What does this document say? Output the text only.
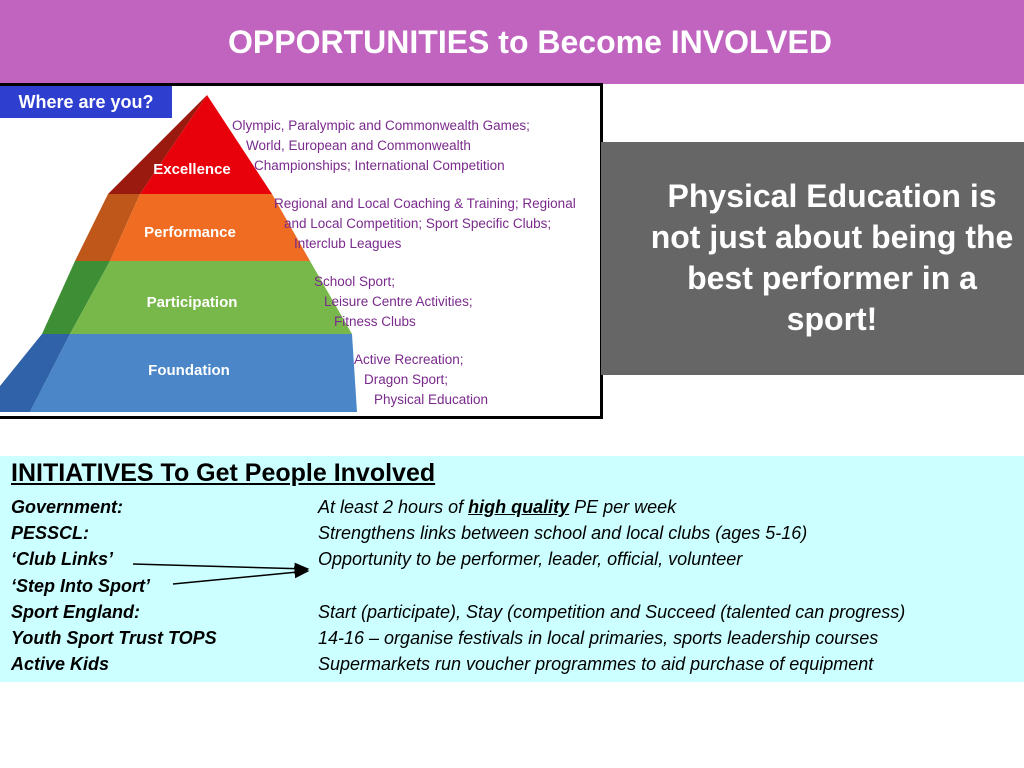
OPPORTUNITIES to Become INVOLVED
Excellence
Performance
Participation
Foundation
Olympic, Paralympic and Commonwealth Games;
World, European and Commonwealth
Championships; International Competition
Regional and Local Coaching & Training; Regional
and Local Competition; Sport Specific Clubs;
Interclub Leagues
School Sport;
Leisure Centre Activities;
Fitness Clubs
Active Recreation;
Dragon Sport;
Physical Education
Where are you?
Physical Education is not just about being the best performer in a sport!
INITIATIVES To Get People Involved
Government:	At least 2 hours of high quality PE per week
PESSCL:	Strengthens links between school and local clubs (ages 5-16)
‘Club Links’	Opportunity to be performer, leader, official, volunteer
‘Step Into Sport’
Sport England:	Start (participate), Stay (competition and Succeed (talented can progress)
Youth Sport Trust TOPS	14-16 – organise festivals in local primaries, sports leadership courses
Active Kids	Supermarkets run voucher programmes to aid purchase of equipment
